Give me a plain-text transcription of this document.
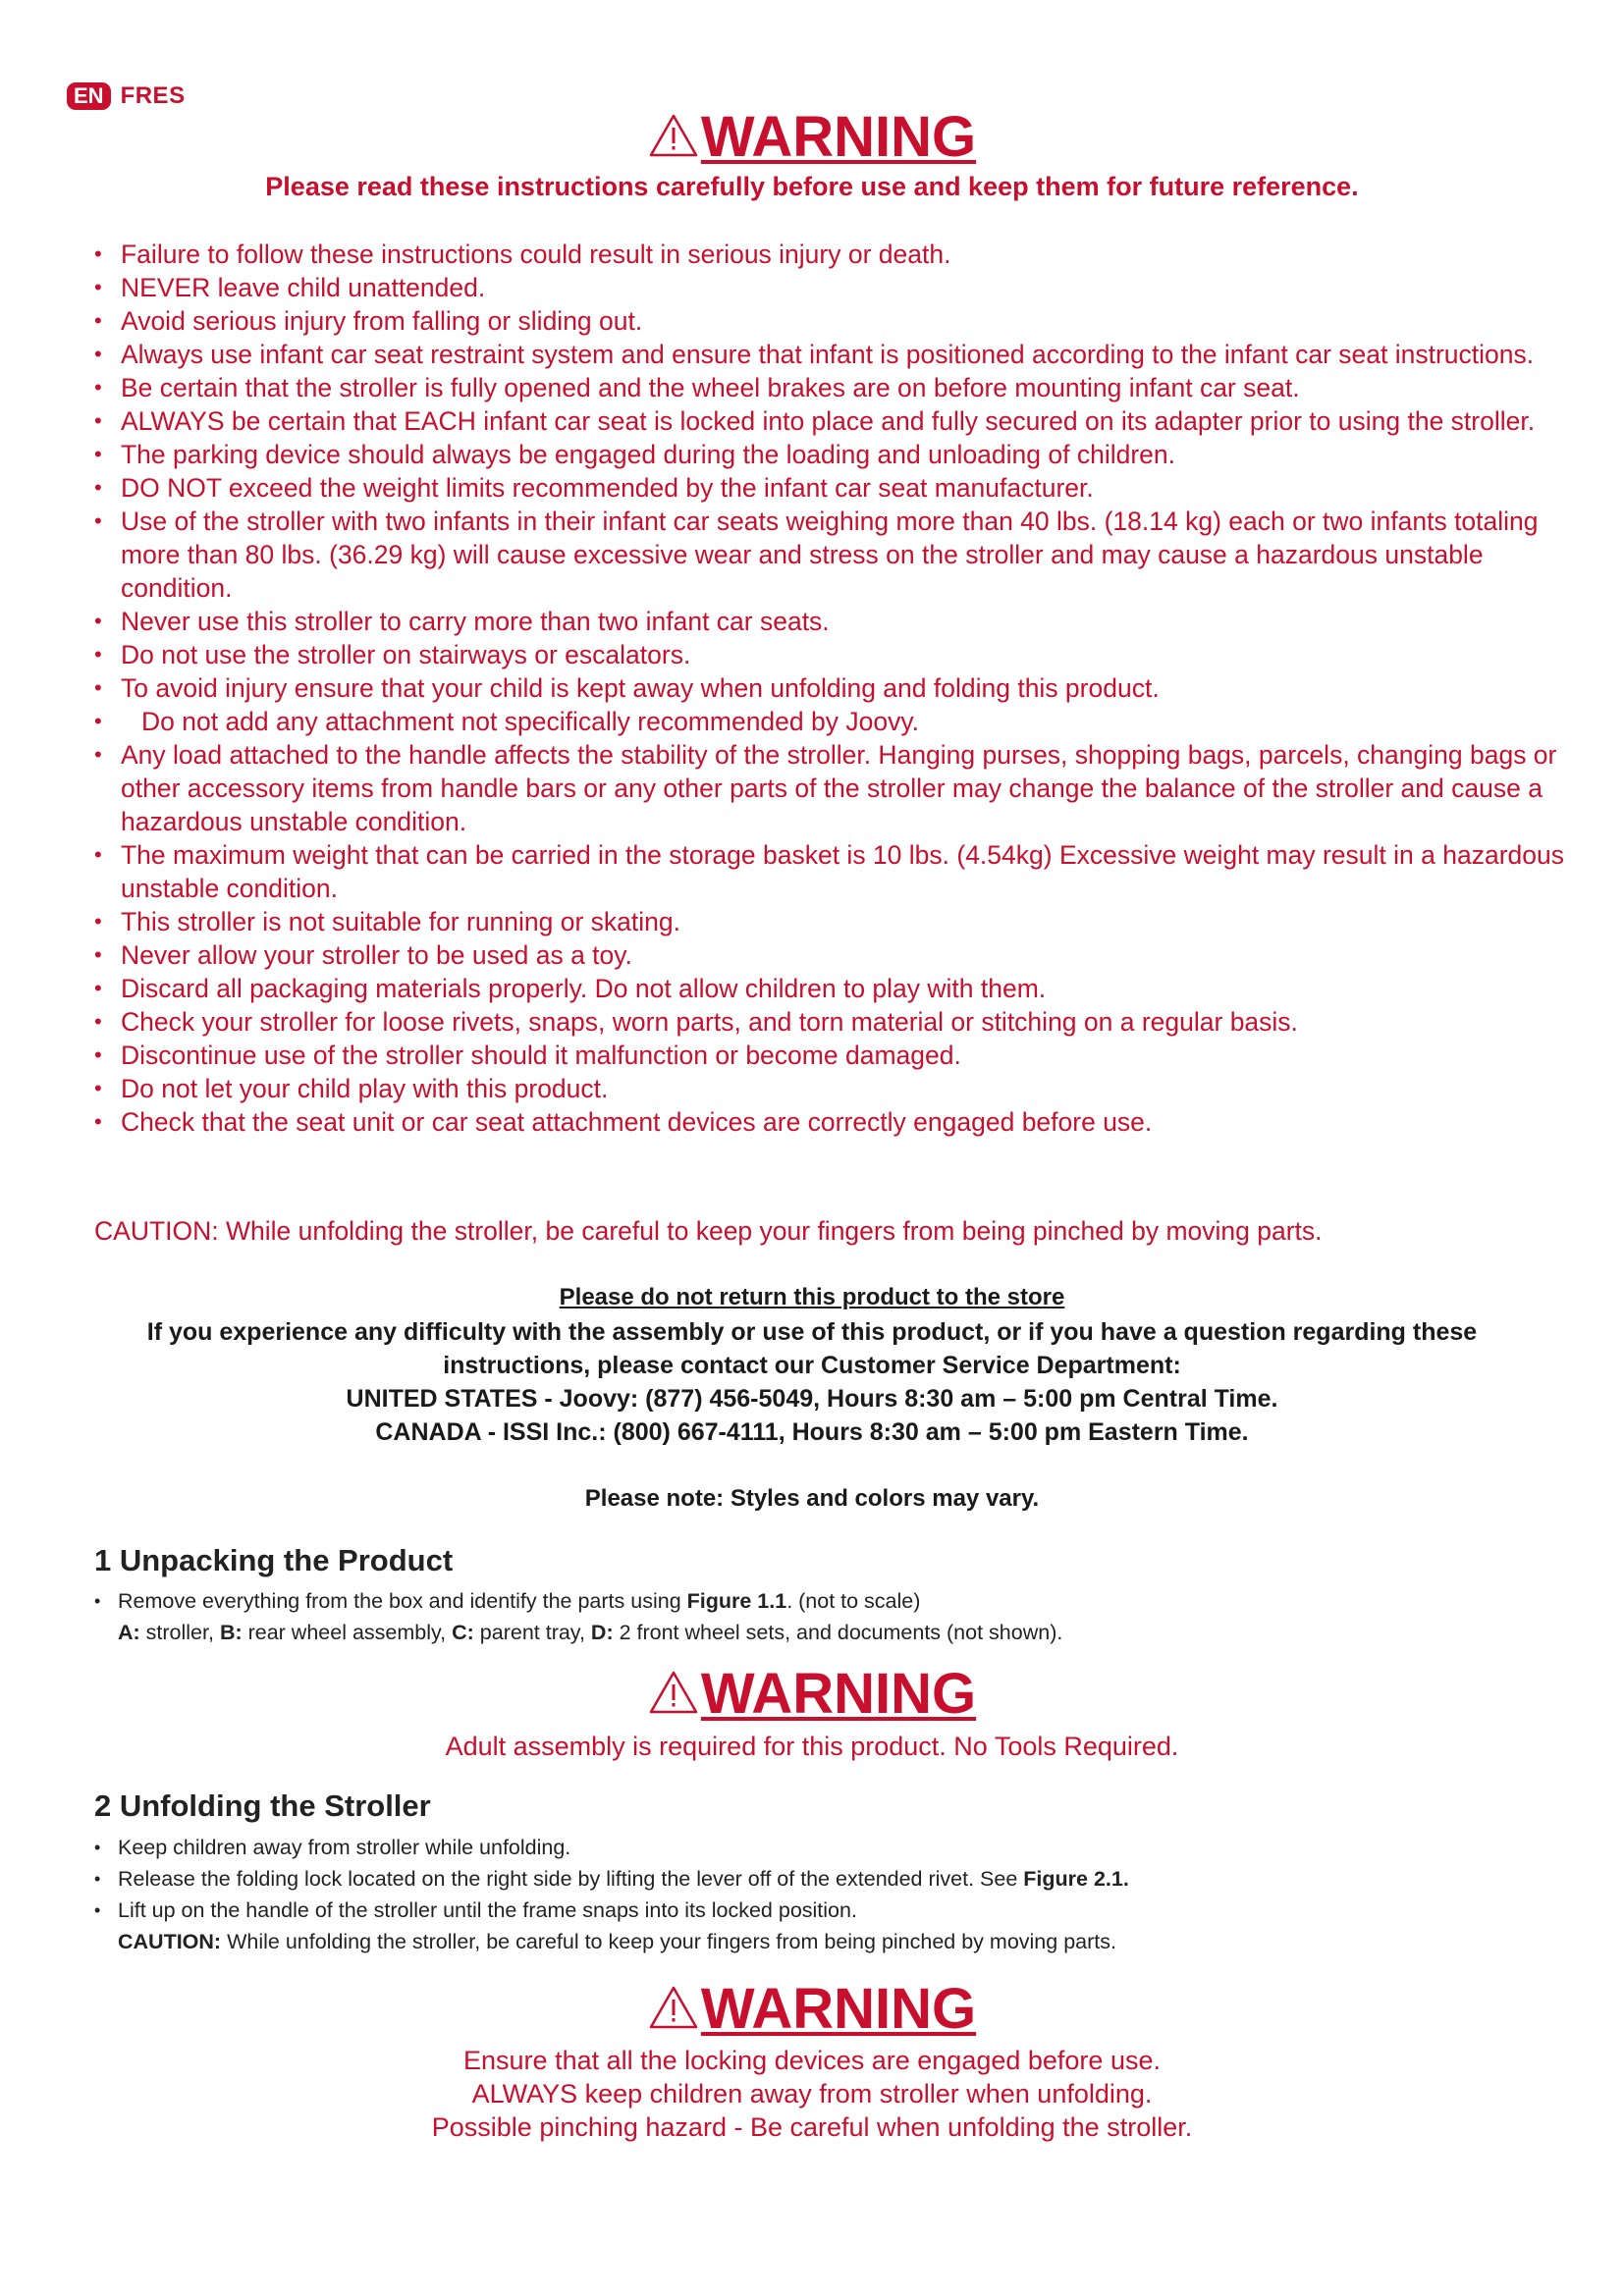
EN FRES
WARNING
Please read these instructions carefully before use and keep them for future reference.
• Failure to follow these instructions could result in serious injury or death.
• NEVER leave child unattended.
• Avoid serious injury from falling or sliding out.
• Always use infant car seat restraint system and ensure that infant is positioned according to the infant car seat instructions.
• Be certain that the stroller is fully opened and the wheel brakes are on before mounting infant car seat.
• ALWAYS be certain that EACH infant car seat is locked into place and fully secured on its adapter prior to using the stroller.
• The parking device should always be engaged during the loading and unloading of children.
• DO NOT exceed the weight limits recommended by the infant car seat manufacturer.
• Use of the stroller with two infants in their infant car seats weighing more than 40 lbs. (18.14 kg) each or two infants totaling more than 80 lbs. (36.29 kg) will cause excessive wear and stress on the stroller and may cause a hazardous unstable condition.
• Never use this stroller to carry more than two infant car seats.
• Do not use the stroller on stairways or escalators.
• To avoid injury ensure that your child is kept away when unfolding and folding this product.
• Do not add any attachment not specifically recommended by Joovy.
• Any load attached to the handle affects the stability of the stroller. Hanging purses, shopping bags, parcels, changing bags or other accessory items from handle bars or any other parts of the stroller may change the balance of the stroller and cause a hazardous unstable condition.
• The maximum weight that can be carried in the storage basket is 10 lbs. (4.54kg) Excessive weight may result in a hazardous unstable condition.
• This stroller is not suitable for running or skating.
• Never allow your stroller to be used as a toy.
• Discard all packaging materials properly. Do not allow children to play with them.
• Check your stroller for loose rivets, snaps, worn parts, and torn material or stitching on a regular basis.
• Discontinue use of the stroller should it malfunction or become damaged.
• Do not let your child play with this product.
• Check that the seat unit or car seat attachment devices are correctly engaged before use.
CAUTION: While unfolding the stroller, be careful to keep your fingers from being pinched by moving parts.
Please do not return this product to the store
If you experience any difficulty with the assembly or use of this product, or if you have a question regarding these
instructions, please contact our Customer Service Department:
UNITED STATES - Joovy: (877) 456-5049, Hours 8:30 am – 5:00 pm Central Time.
CANADA - ISSI Inc.: (800) 667-4111, Hours 8:30 am – 5:00 pm Eastern Time.
Please note: Styles and colors may vary.
1 Unpacking the Product
• Remove everything from the box and identify the parts using Figure 1.1. (not to scale)
A: stroller, B: rear wheel assembly, C: parent tray, D: 2 front wheel sets, and documents (not shown).
WARNING
Adult assembly is required for this product. No Tools Required.
2 Unfolding the Stroller
• Keep children away from stroller while unfolding.
• Release the folding lock located on the right side by lifting the lever off of the extended rivet. See Figure 2.1.
• Lift up on the handle of the stroller until the frame snaps into its locked position.
CAUTION: While unfolding the stroller, be careful to keep your fingers from being pinched by moving parts.
WARNING
Ensure that all the locking devices are engaged before use.
ALWAYS keep children away from stroller when unfolding.
Possible pinching hazard - Be careful when unfolding the stroller.
